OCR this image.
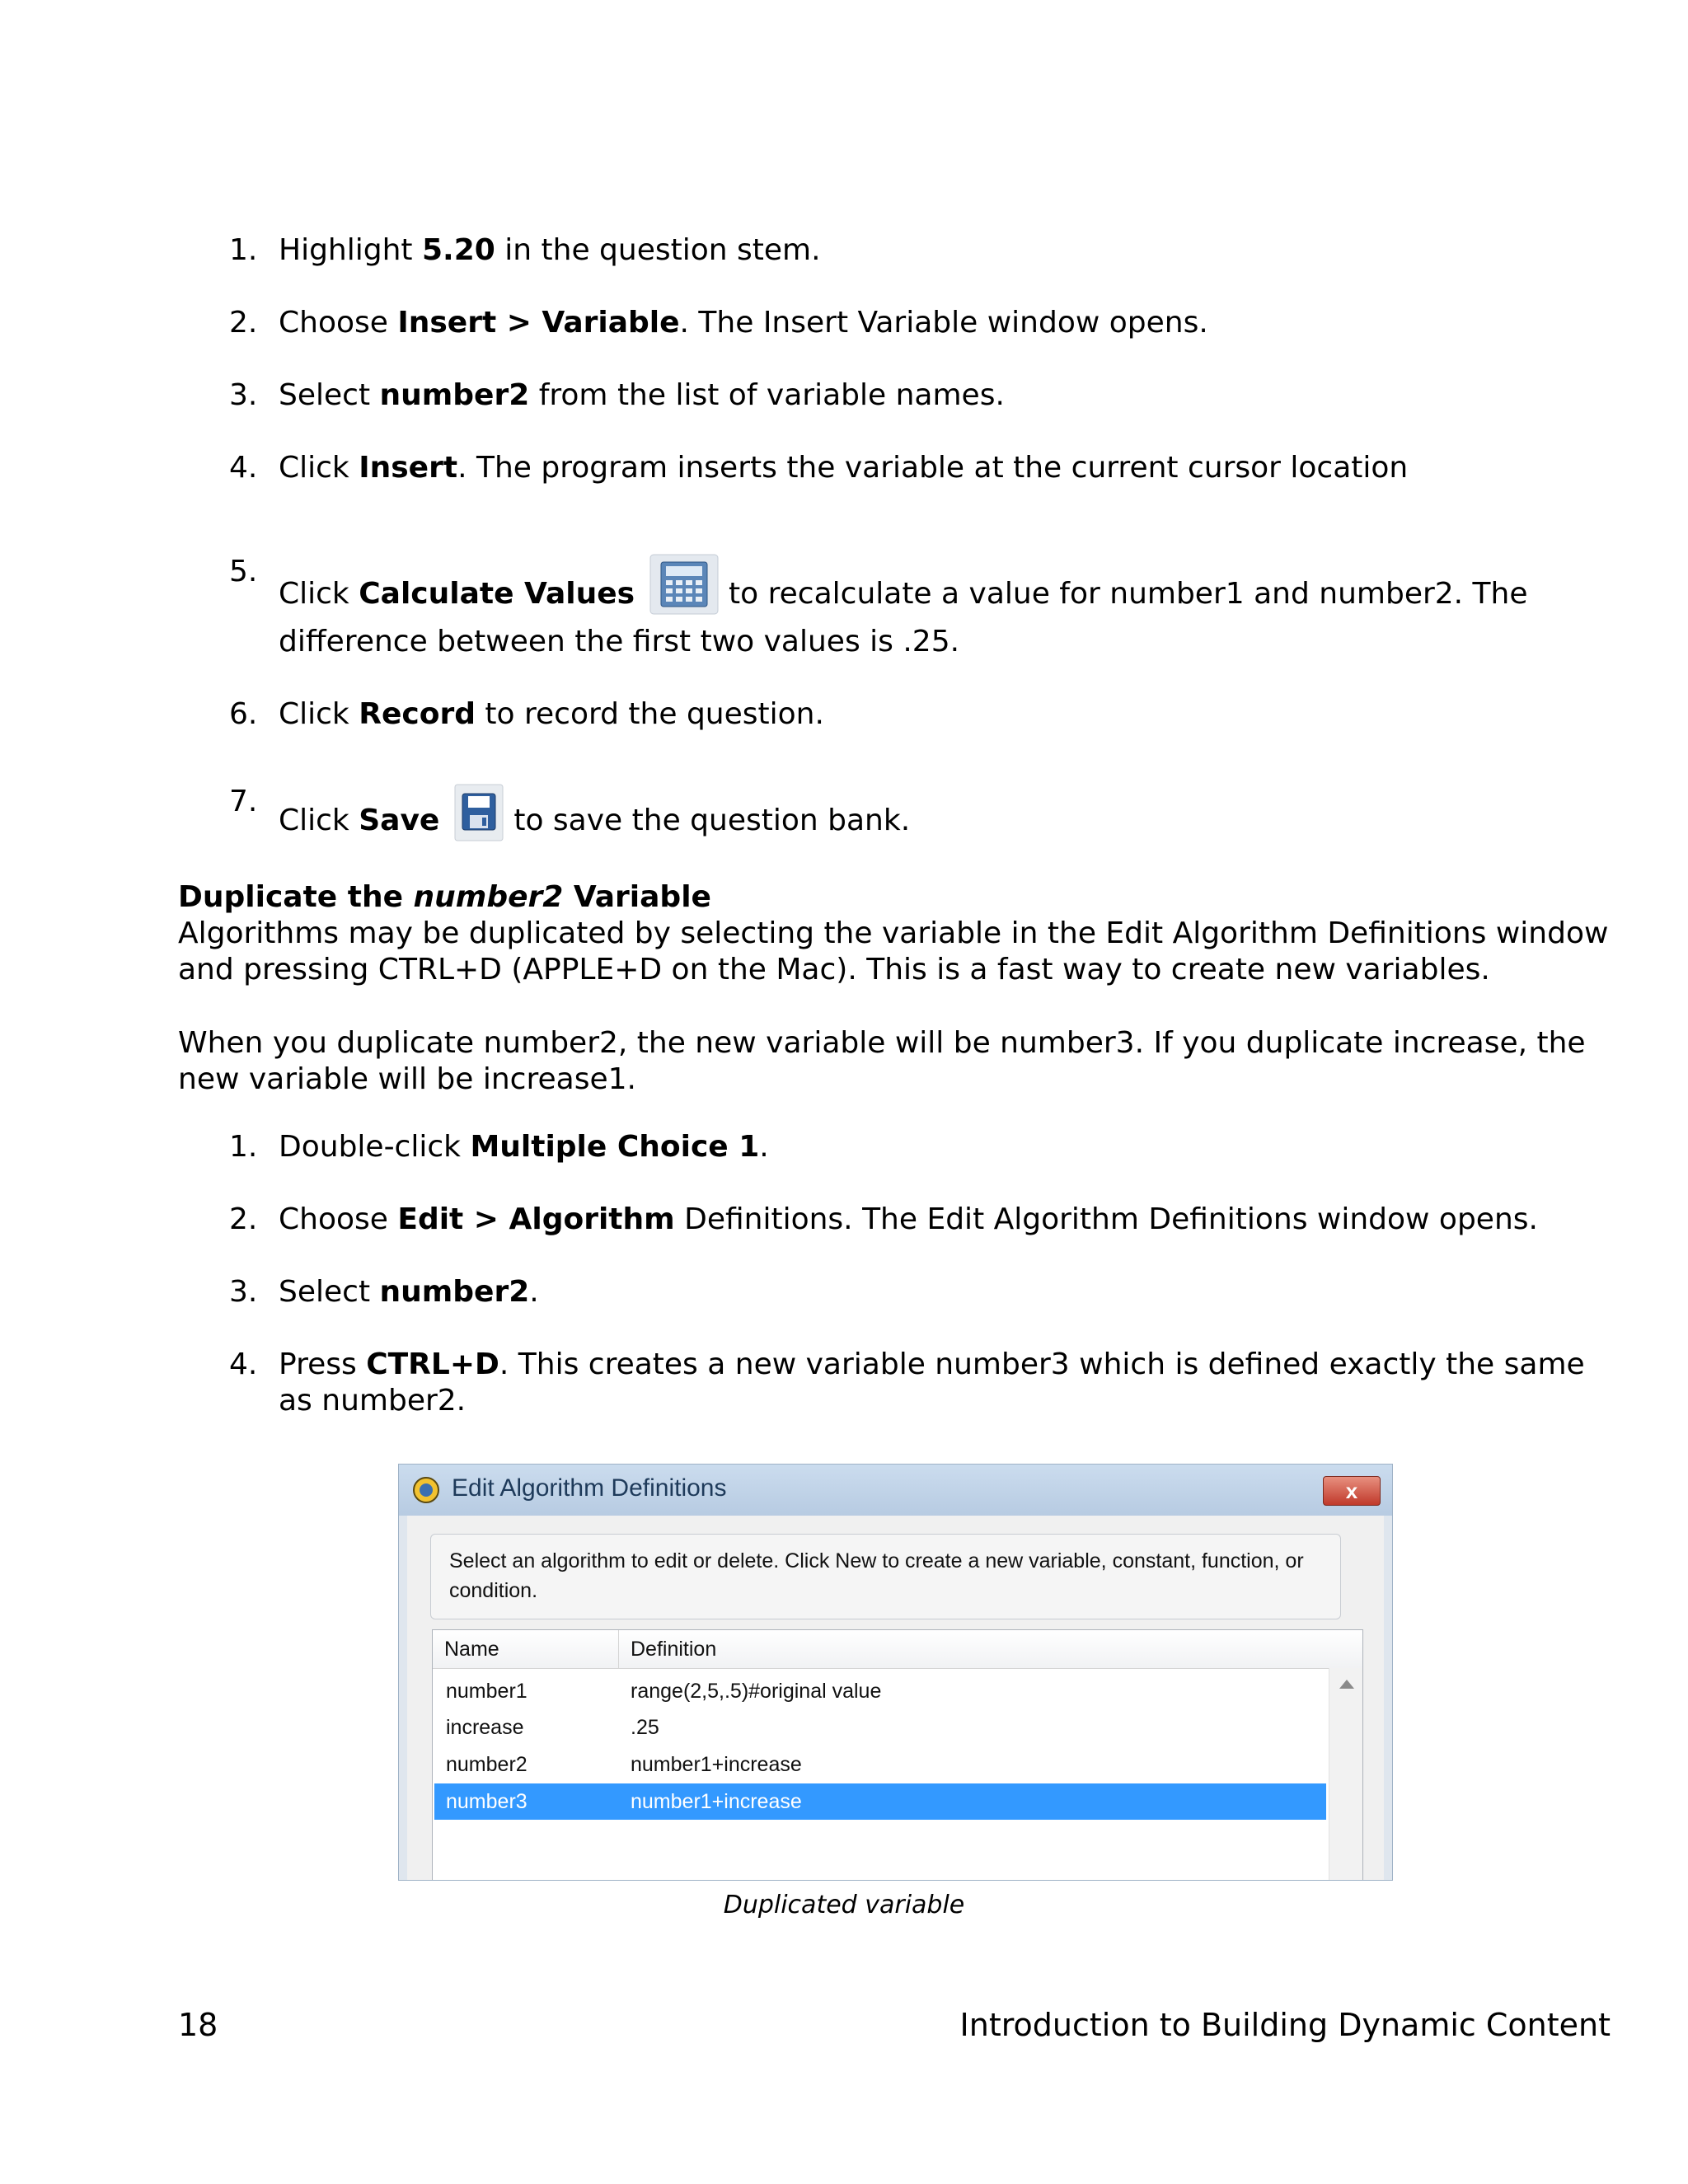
1. Highlight 5.20 in the question stem.
2. Choose Insert > Variable. The Insert Variable window opens.
3. Select number2 from the list of variable names.
4. Click Insert. The program inserts the variable at the current cursor location
5.
Click Calculate Values	to recalculate a value for number1 and number2. The difference between the first two values is .25.
6. Click Record to record the question.
7.
Click Save	to save the question bank.
Duplicate the number2 Variable
Algorithms may be duplicated by selecting the variable in the Edit Algorithm Definitions window and pressing CTRL+D (APPLE+D on the Mac). This is a fast way to create new variables.
When you duplicate number2, the new variable will be number3. If you duplicate increase, the new variable will be increase1.
1. Double-click Multiple Choice 1.
2. Choose Edit > Algorithm Definitions. The Edit Algorithm Definitions window opens.
3. Select number2.
4. Press CTRL+D. This creates a new variable number3 which is defined exactly the same as number2.
Edit Algorithm Definitions	x
Select an algorithm to edit or delete. Click New to create a new variable, constant, function, or condition.
Name	Definition
number1	range(2,5,.5)#original value
increase	.25
number2	number1+increase
number3	number1+increase
Duplicated variable
18	Introduction to Building Dynamic Content
